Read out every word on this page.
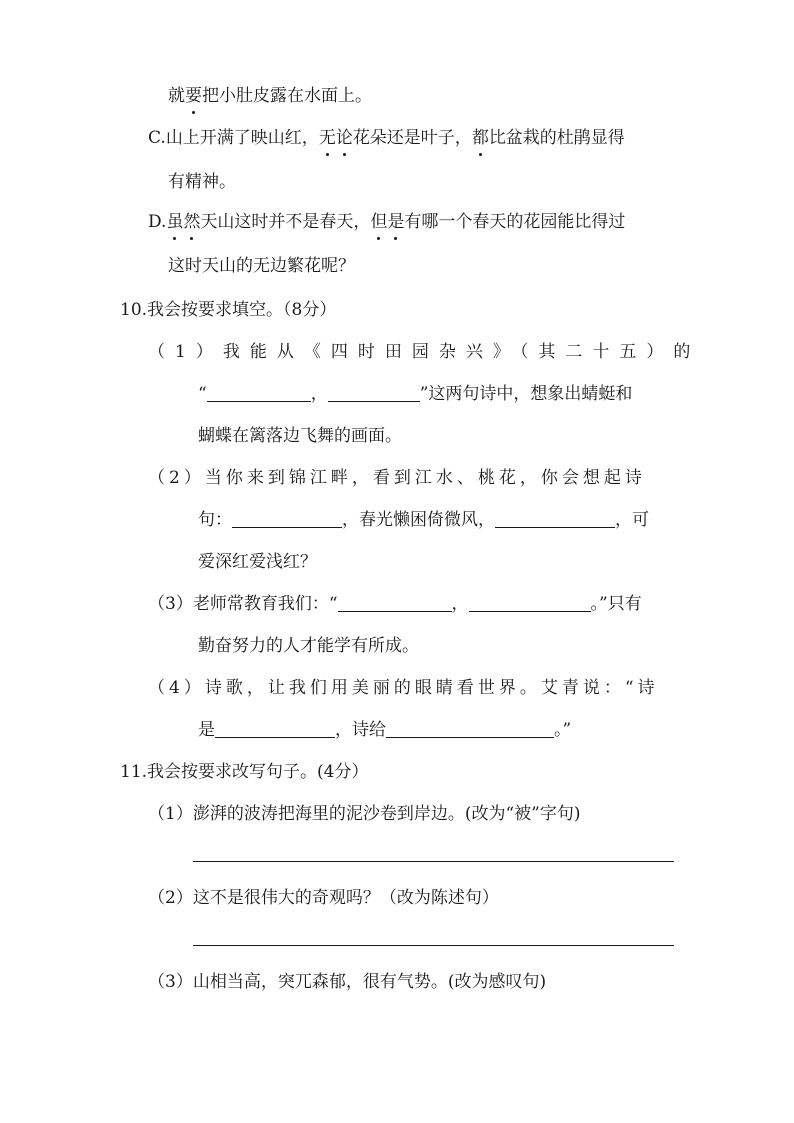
就要把小肚皮露在水面上。
C.山上开满了映山红，无论花朵还是叶子，都比盆栽的杜鹃显得
有精神。
D.虽然天山这时并不是春天，但是有哪一个春天的花园能比得过
这时天山的无边繁花呢？
10.我会按要求填空。（8分）
（1）我能从《四时田园杂兴》（其二十五）的
“	，	”这两句诗中，想象出蜻蜓和
蝴蝶在篱落边飞舞的画面。
（2）当你来到锦江畔，看到江水、桃花，你会想起诗
句：	，春光懒困倚微风，	，可
爱深红爱浅红？
（3）老师常教育我们：“	，	。”只有
勤奋努力的人才能学有所成。
（4）诗歌，让我们用美丽的眼睛看世界。艾青说：“诗
是	，诗给	。”
11.我会按要求改写句子。(4分）
（1）澎湃的波涛把海里的泥沙卷到岸边。(改为“被”字句)
（2）这不是很伟大的奇观吗？（改为陈述句）
（3）山相当高，突兀森郁，很有气势。(改为感叹句)
